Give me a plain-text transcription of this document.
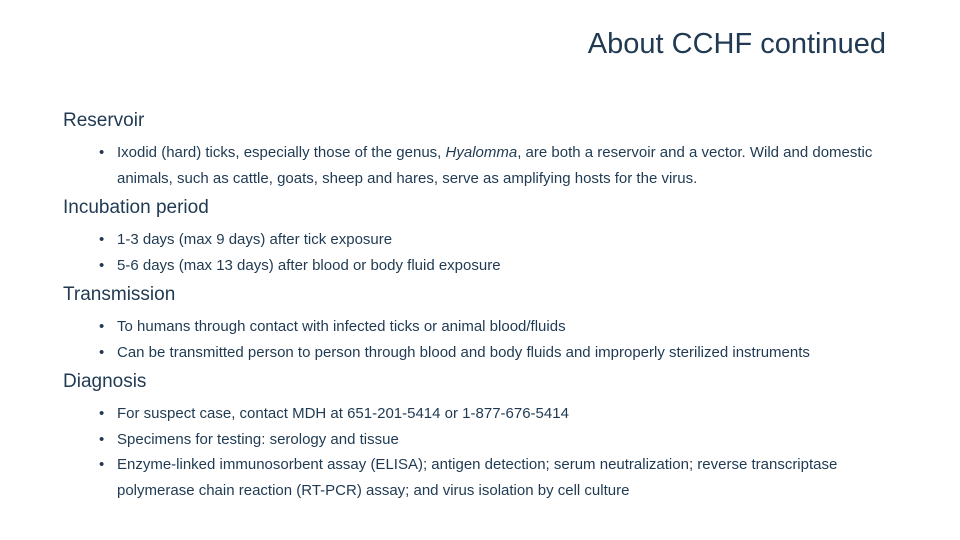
About CCHF continued
Reservoir
• Ixodid (hard) ticks, especially those of the genus, Hyalomma, are both a reservoir and a vector. Wild and domestic animals, such as cattle, goats, sheep and hares, serve as amplifying hosts for the virus.
Incubation period
• 1-3 days (max 9 days) after tick exposure
• 5-6 days (max 13 days) after blood or body fluid exposure
Transmission
• To humans through contact with infected ticks or animal blood/fluids
• Can be transmitted person to person through blood and body fluids and improperly sterilized instruments
Diagnosis
• For suspect case, contact MDH at 651-201-5414 or 1-877-676-5414
• Specimens for testing: serology and tissue
• Enzyme-linked immunosorbent assay (ELISA); antigen detection; serum neutralization; reverse transcriptase polymerase chain reaction (RT-PCR) assay; and virus isolation by cell culture
